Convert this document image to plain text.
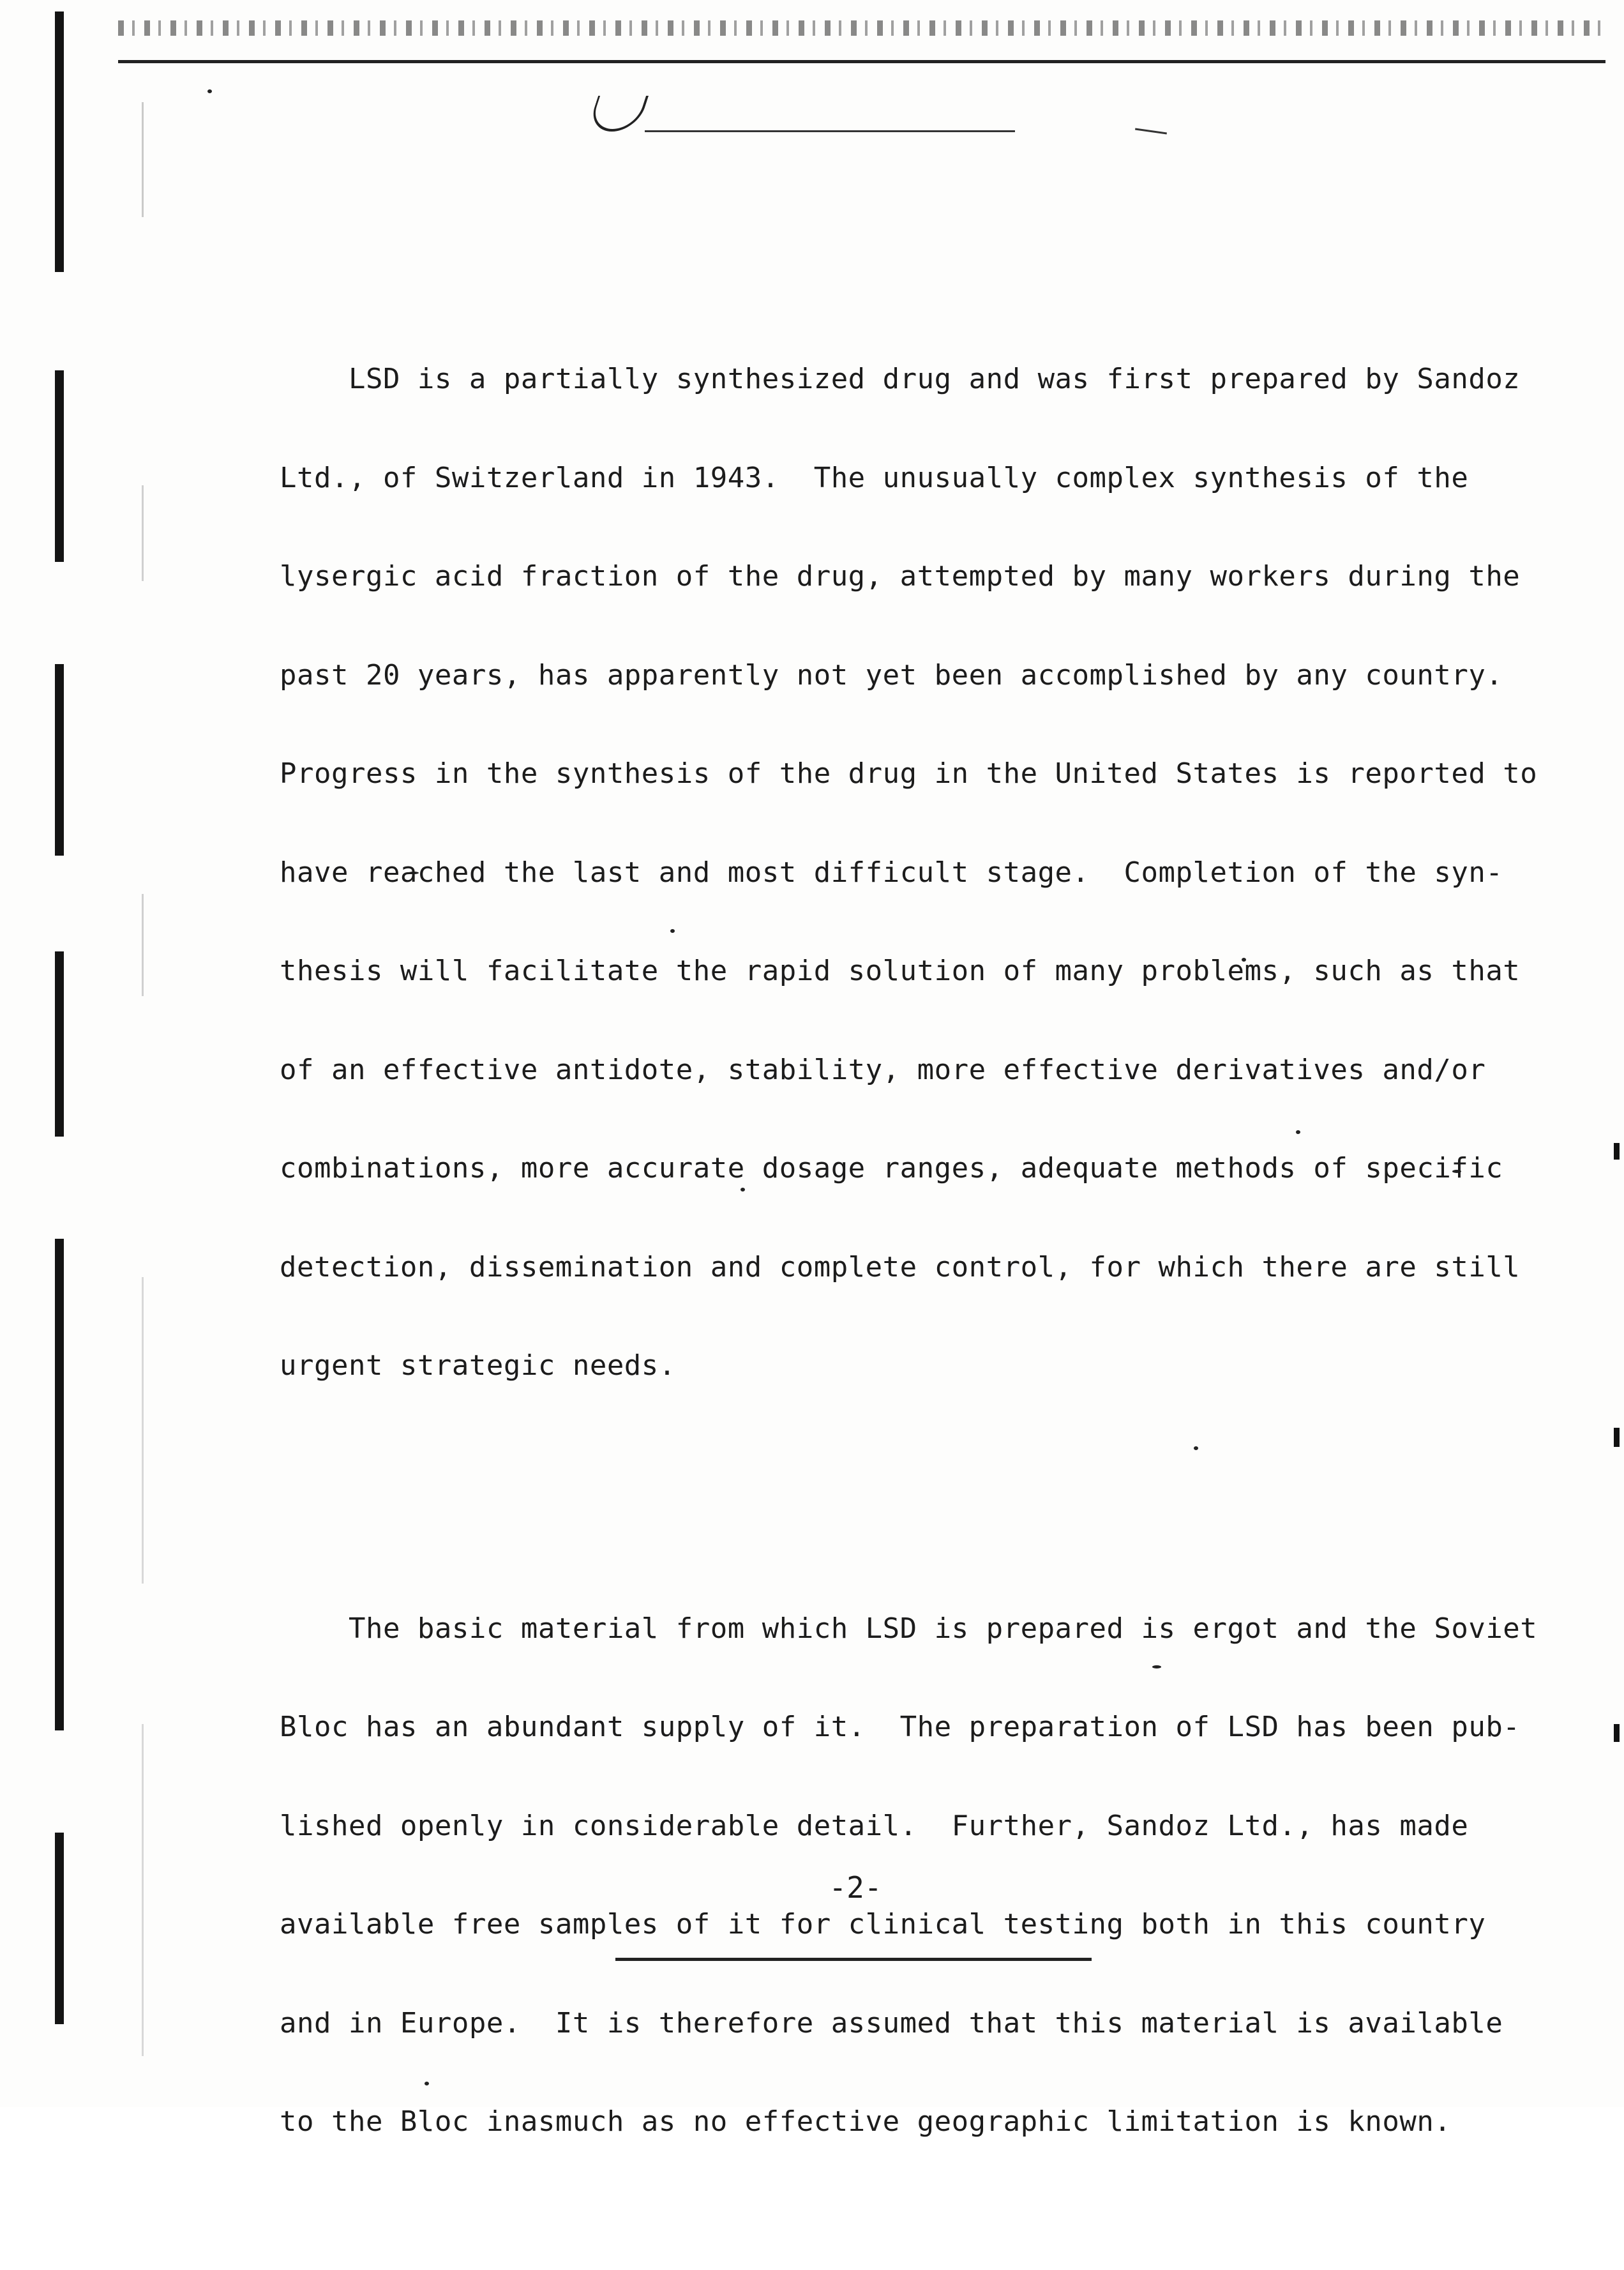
LSD is a partially synthesized drug and was first prepared by Sandoz

Ltd., of Switzerland in 1943.  The unusually complex synthesis of the

lysergic acid fraction of the drug, attempted by many workers during the

past 20 years, has apparently not yet been accomplished by any country.

Progress in the synthesis of the drug in the United States is reported to

have reached the last and most difficult stage.  Completion of the syn-

thesis will facilitate the rapid solution of many problems, such as that

of an effective antidote, stability, more effective derivatives and/or

combinations, more accurate dosage ranges, adequate methods of specific

detection, dissemination and complete control, for which there are still

urgent strategic needs.

The basic material from which LSD is prepared is ergot and the Soviet

Bloc has an abundant supply of it.  The preparation of LSD has been pub-

lished openly in considerable detail.  Further, Sandoz Ltd., has made

available free samples of it for clinical testing both in this country

and in Europe.  It is therefore assumed that this material is available

to the Bloc inasmuch as no effective geographic limitation is known.

-2-
